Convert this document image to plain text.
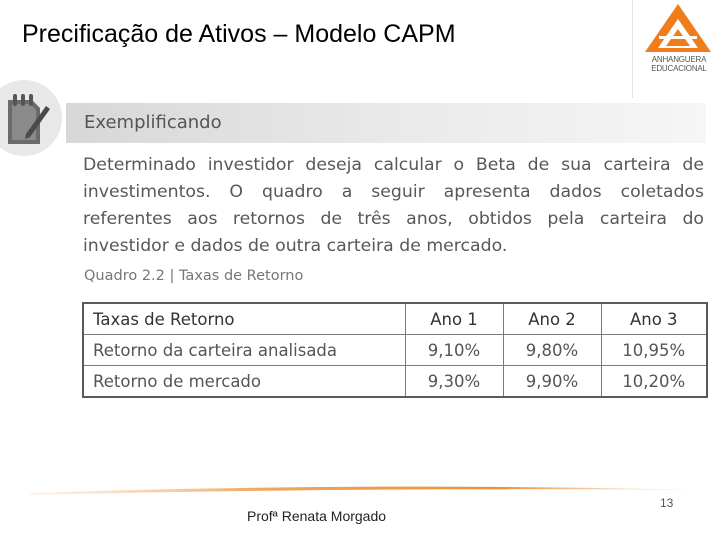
Precificação de Ativos – Modelo CAPM
ANHANGUERA
EDUCACIONAL
Exemplificando
Determinado investidor deseja calcular o Beta de sua carteira de investimentos. O quadro a seguir apresenta dados coletados referentes aos retornos de três anos, obtidos pela carteira do investidor e dados de outra carteira de mercado.
Quadro 2.2 | Taxas de Retorno
Taxas de Retorno	Ano 1	Ano 2	Ano 3
Retorno da carteira analisada	9,10%	9,80%	10,95%
Retorno de mercado	9,30%	9,90%	10,20%
13
Profª Renata Morgado
